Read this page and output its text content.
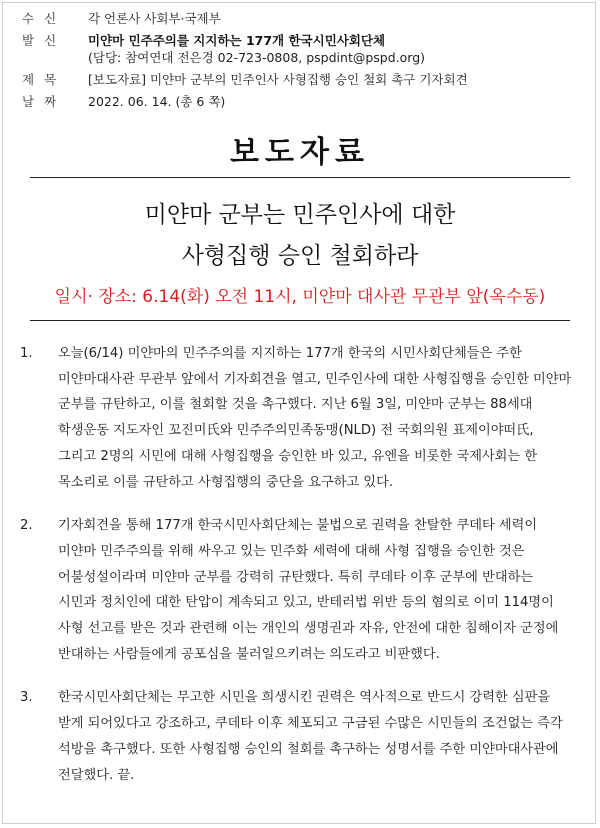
수신	각 언론사 사회부·국제부
발신	미얀마 민주주의를 지지하는 177개 한국시민사회단체
(담당: 참여연대 전은경 02-723-0808, pspdint@pspd.org)
제목	[보도자료] 미얀마 군부의 민주인사 사형집행 승인 철회 촉구 기자회견
날짜	2022. 06. 14. (총 6 쪽)
보도자료
미얀마 군부는 민주인사에 대한
사형집행 승인 철회하라
일시· 장소: 6.14(화) 오전 11시, 미얀마 대사관 무관부 앞(옥수동)
1.	오늘(6/14) 미얀마의 민주주의를 지지하는 177개 한국의 시민사회단체들은 주한 미얀마대사관 무관부 앞에서 기자회견을 열고, 민주인사에 대한 사형집행을 승인한 미얀마 군부를 규탄하고, 이를 철회할 것을 촉구했다. 지난 6월 3일, 미얀마 군부는 88세대 학생운동 지도자인 꼬진미氏와 민주주의민족동맹(NLD) 전 국회의원 표제이야떠氏, 그리고 2명의 시민에 대해 사형집행을 승인한 바 있고, 유엔을 비롯한 국제사회는 한 목소리로 이를 규탄하고 사형집행의 중단을 요구하고 있다.
2.	기자회견을 통해 177개 한국시민사회단체는 불법으로 권력을 찬탈한 쿠데타 세력이 미얀마 민주주의를 위해 싸우고 있는 민주화 세력에 대해 사형 집행을 승인한 것은 어불성설이라며 미얀마 군부를 강력히 규탄했다. 특히 쿠데타 이후 군부에 반대하는 시민과 정치인에 대한 탄압이 계속되고 있고, 반테러법 위반 등의 혐의로 이미 114명이 사형 선고를 받은 것과 관련해 이는 개인의 생명권과 자유, 안전에 대한 침해이자 군정에 반대하는 사람들에게 공포심을 불러일으키려는 의도라고 비판했다.
3.	한국시민사회단체는 무고한 시민을 희생시킨 권력은 역사적으로 반드시 강력한 심판을 받게 되어있다고 강조하고, 쿠데타 이후 체포되고 구금된 수많은 시민들의 조건없는 즉각 석방을 촉구했다. 또한 사형집행 승인의 철회를 촉구하는 성명서를 주한 미얀마대사관에 전달했다. 끝.
